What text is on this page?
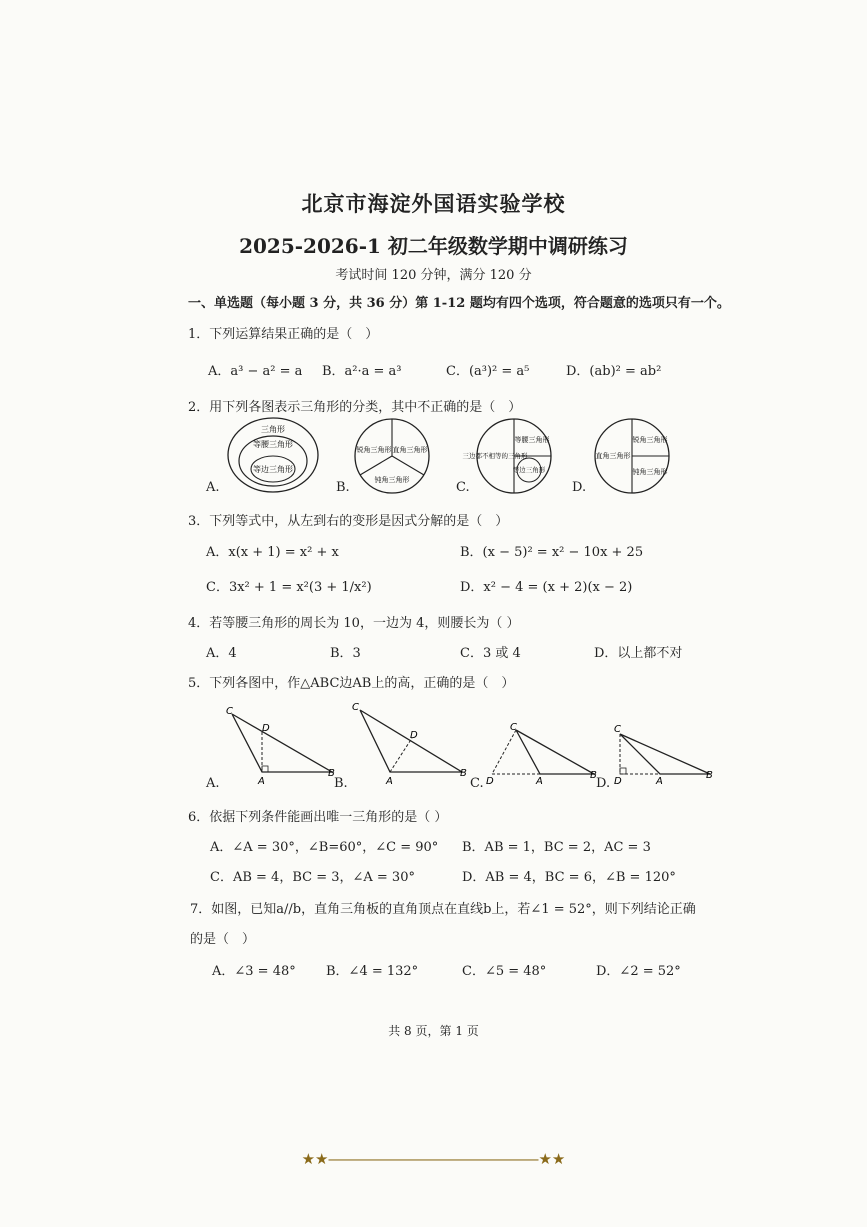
北京市海淀外国语实验学校
2025-2026-1 初二年级数学期中调研练习
考试时间 120 分钟，满分 120 分
一、单选题（每小题 3 分，共 36 分）第 1-12 题均有四个选项，符合题意的选项只有一个。
1．下列运算结果正确的是（　）
A．a³ − a² = a B．a²·a = a³	C．(a³)² = a⁵	D．(ab)² = ab²
2．用下列各图表示三角形的分类，其中不正确的是（　）
A.	B.	C.	D.
三角形
等腰三角形
等边三角形
锐角三角形 直角三角形
钝角三角形
三边都不相等的三角形
等腰三角形
等边三角形
直角三角形
锐角三角形
钝角三角形
3．下列等式中，从左到右的变形是因式分解的是（　）
A．x(x + 1) = x² + x	B．(x − 5)² = x² − 10x + 25
C．3x² + 1 = x²(3 + 1/x²)	D．x² − 4 = (x + 2)(x − 2)
4．若等腰三角形的周长为 10，一边为 4，则腰长为（ ）
A．4	B．3	C．3 或 4	D．以上都不对
5．下列各图中，作△ABC边AB上的高，正确的是（　）
C
D
A
B
C
D
A
B
C
D	A
B
C
D	A
B
A.	B.	C.	D.
6．依据下列条件能画出唯一三角形的是（ ）
A．∠A = 30°，∠B=60°，∠C = 90° B．AB = 1，BC = 2，AC = 3
C．AB = 4，BC = 3，∠A = 30°	D．AB = 4，BC = 6，∠B = 120°
7．如图，已知a//b，直角三角板的直角顶点在直线b上，若∠1 = 52°，则下列结论正确
的是（　）
A．∠3 = 48° B．∠4 = 132°	C．∠5 = 48°	D．∠2 = 52°
共 8 页，第 1 页
★★――――――――――――――★★
